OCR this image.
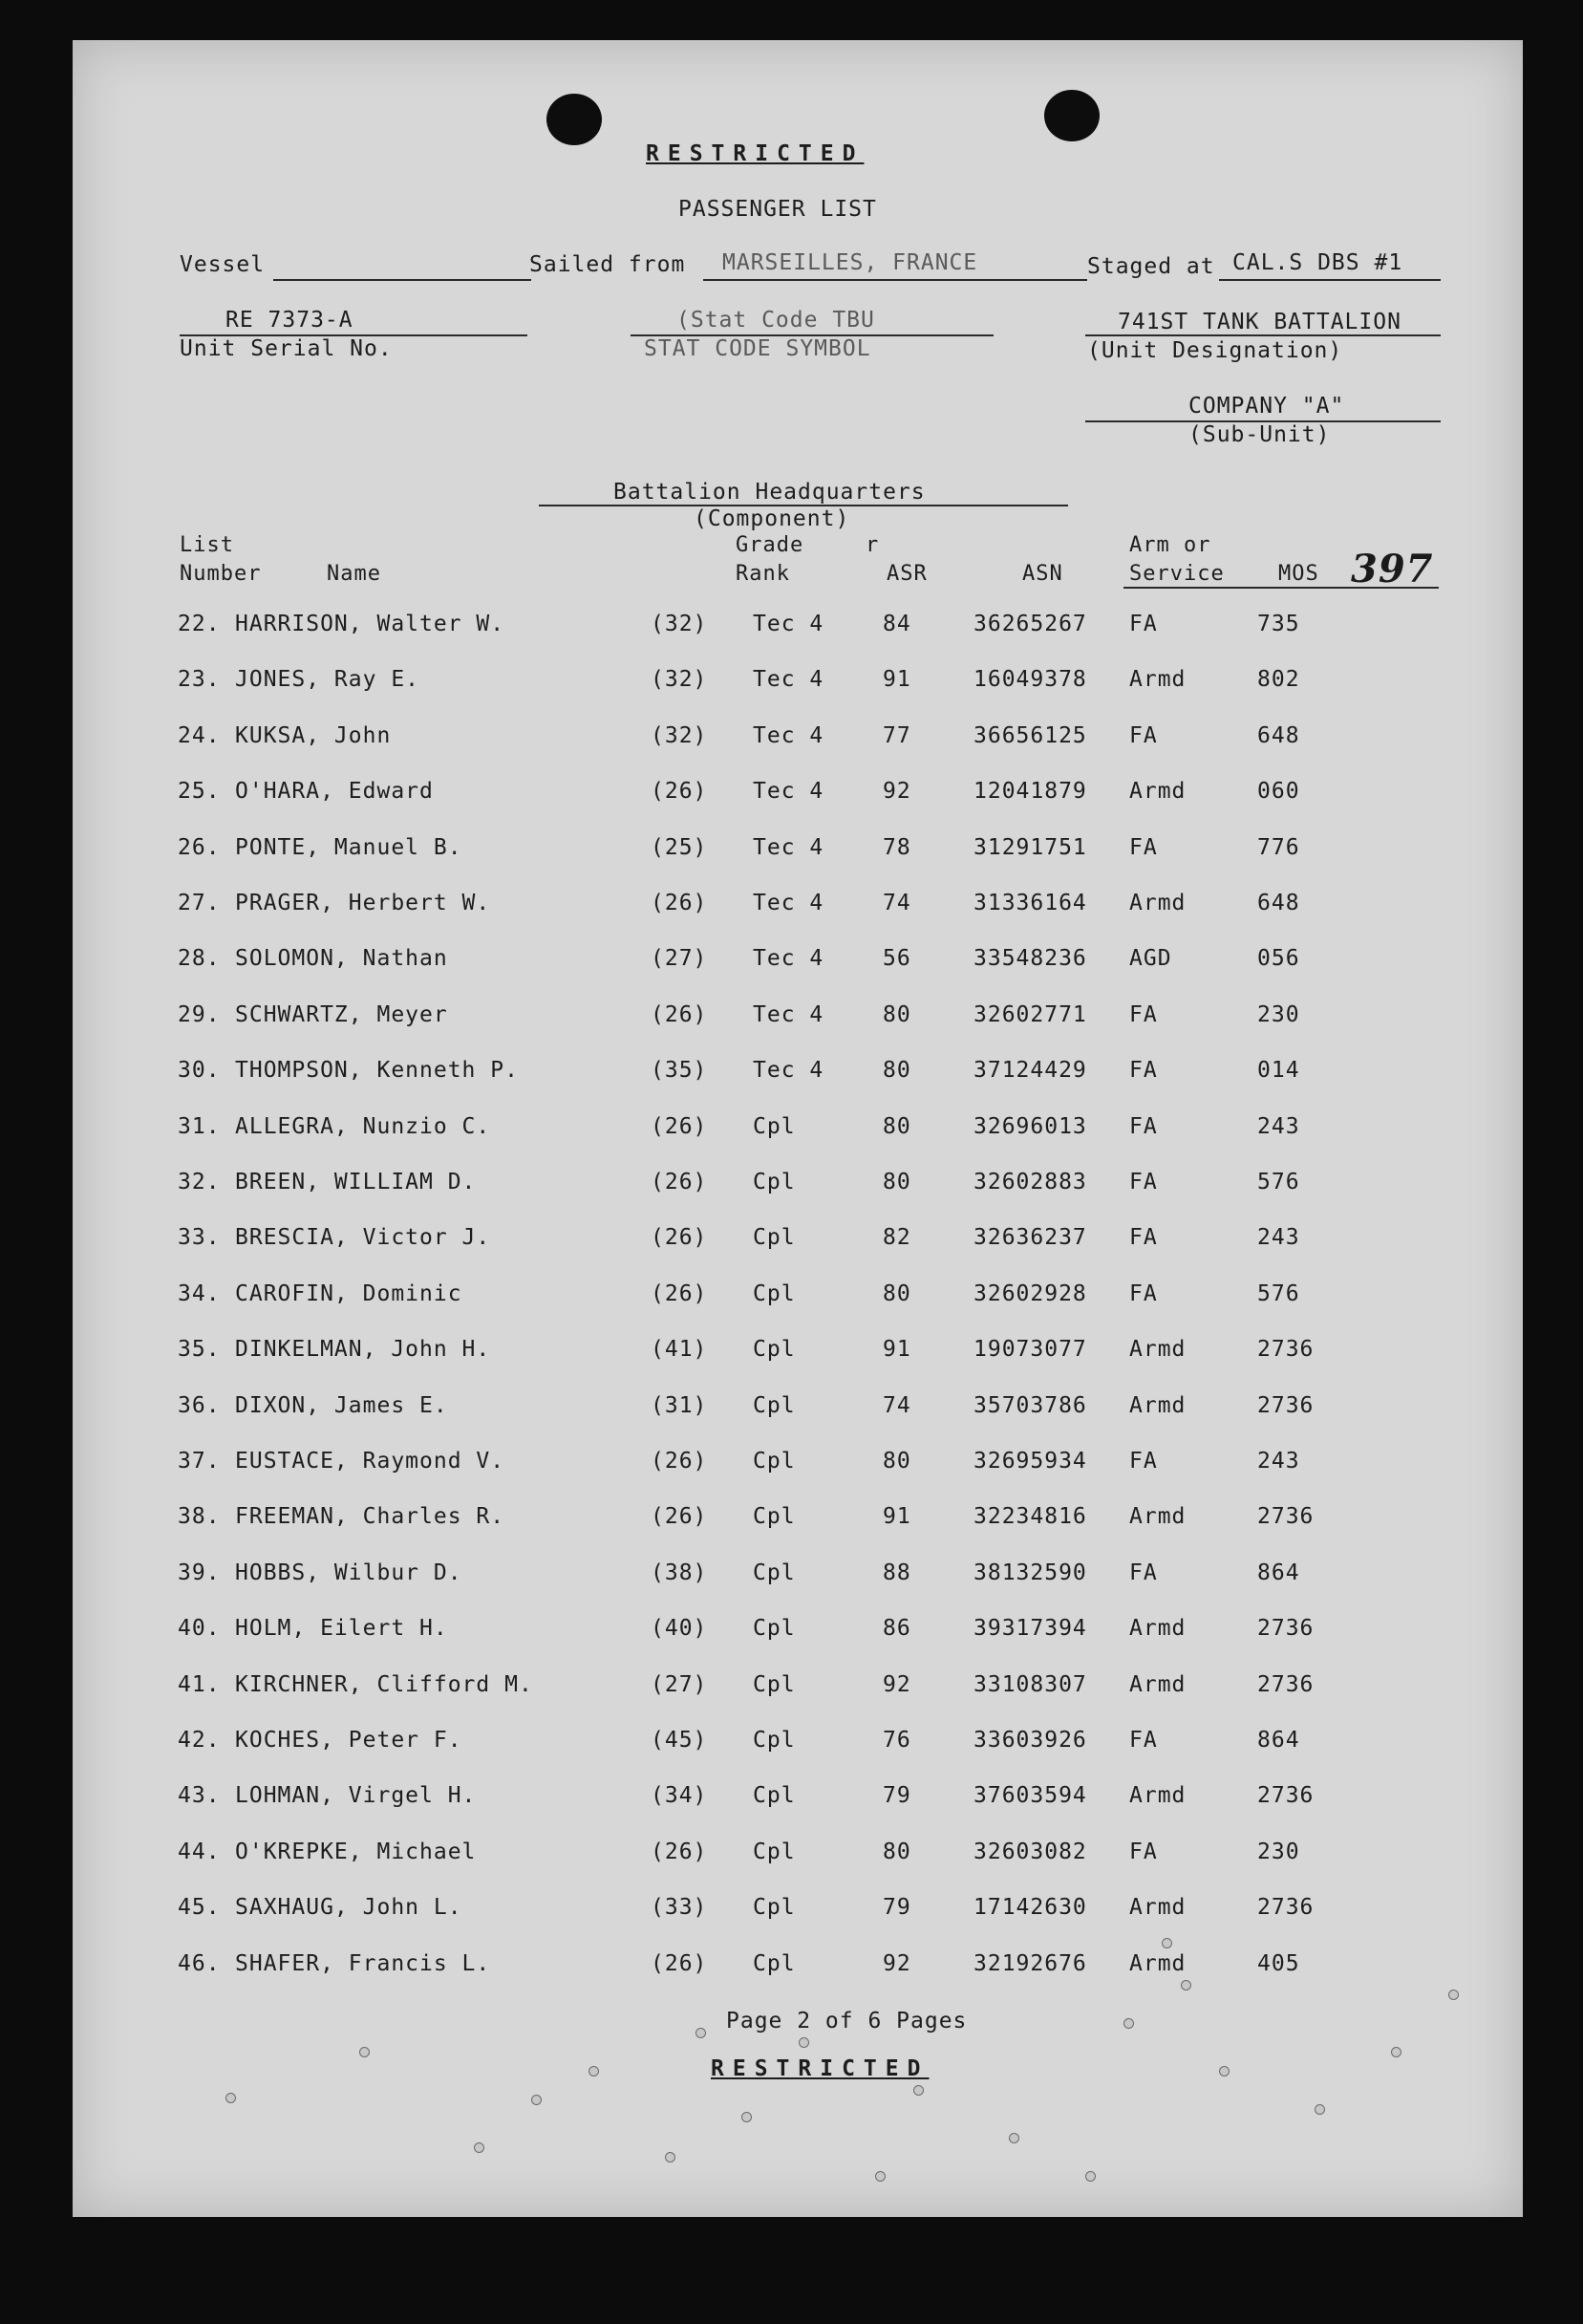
RESTRICTED
PASSENGER LIST
Vessel	Sailed from MARSEILLES, FRANCE	Staged at CAL.S DBS #1
RE 7373-A
Unit Serial No.
(Stat Code TBU
STAT CODE SYMBOL
741ST TANK BATTALION
(Unit Designation)
COMPANY "A"
(Sub-Unit)
Battalion Headquarters
(Component)
List	Grade	r	Arm or
Number	Name	Rank	ASR	ASN	Service	MOS 397
22. HARRISON, Walter W.	(32) Tec 4	84	36265267 FA	735
23. JONES, Ray E.	(32) Tec 4	91	16049378 Armd	802
24. KUKSA, John	(32) Tec 4	77	36656125 FA	648
25. O'HARA, Edward	(26) Tec 4	92	12041879 Armd	060
26. PONTE, Manuel B.	(25) Tec 4	78	31291751 FA	776
27. PRAGER, Herbert W.	(26) Tec 4	74	31336164 Armd	648
28. SOLOMON, Nathan	(27) Tec 4	56	33548236 AGD	056
29. SCHWARTZ, Meyer	(26) Tec 4	80	32602771 FA	230
30. THOMPSON, Kenneth P.	(35) Tec 4	80	37124429 FA	014
31. ALLEGRA, Nunzio C.	(26) Cpl	80	32696013 FA	243
32. BREEN, WILLIAM D.	(26) Cpl	80	32602883 FA	576
33. BRESCIA, Victor J.	(26) Cpl	82	32636237 FA	243
34. CAROFIN, Dominic	(26) Cpl	80	32602928 FA	576
35. DINKELMAN, John H.	(41) Cpl	91	19073077 Armd	2736
36. DIXON, James E.	(31) Cpl	74	35703786 Armd	2736
37. EUSTACE, Raymond V.	(26) Cpl	80	32695934 FA	243
38. FREEMAN, Charles R.	(26) Cpl	91	32234816 Armd	2736
39. HOBBS, Wilbur D.	(38) Cpl	88	38132590 FA	864
40. HOLM, Eilert H.	(40) Cpl	86	39317394 Armd	2736
41. KIRCHNER, Clifford M.	(27) Cpl	92	33108307 Armd	2736
42. KOCHES, Peter F.	(45) Cpl	76	33603926 FA	864
43. LOHMAN, Virgel H.	(34) Cpl	79	37603594 Armd	2736
44. O'KREPKE, Michael	(26) Cpl	80	32603082 FA	230
45. SAXHAUG, John L.	(33) Cpl	79	17142630 Armd	2736
46. SHAFER, Francis L.	(26) Cpl	92	32192676 Armd	405
Page 2 of 6 Pages
RESTRICTED
